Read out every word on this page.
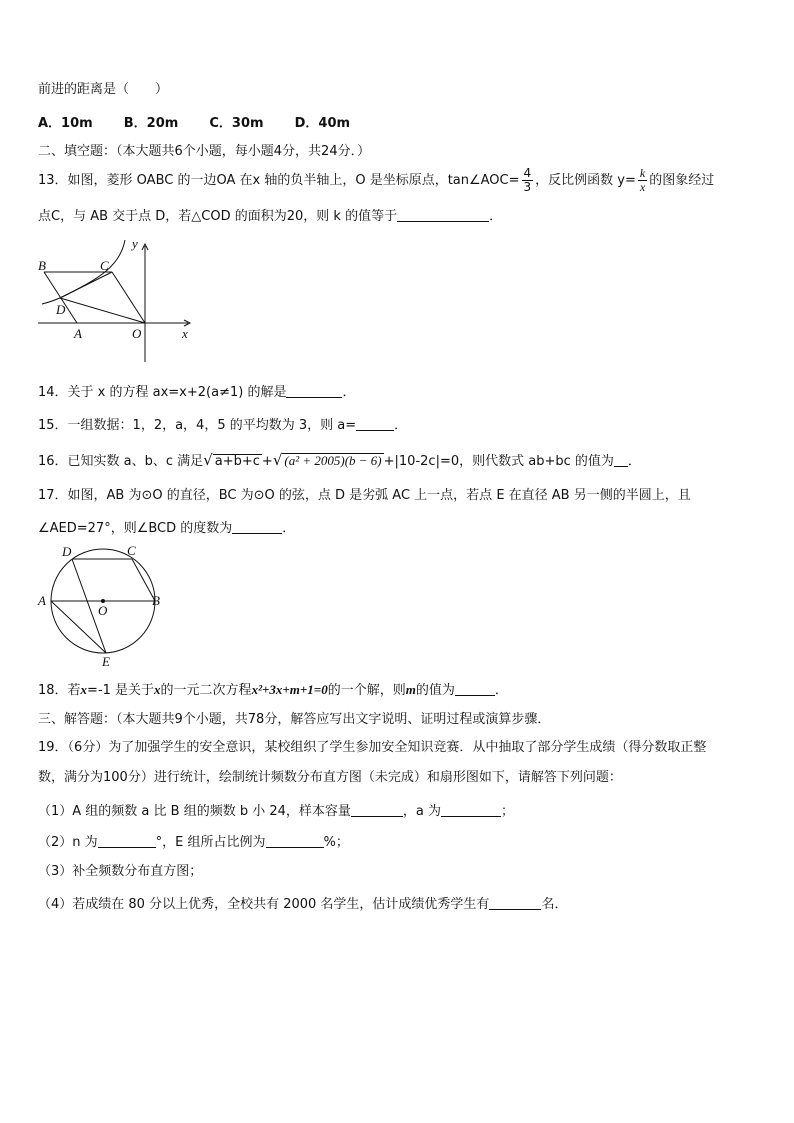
前进的距离是（　　）
A．10m B．20m C．30m D．40m
二、填空题：（本大题共6个小题，每小题4分，共24分．）
13．如图，菱形 OABC 的一边OA 在x 轴的负半轴上，O 是坐标原点，tan∠AOC= $\frac{4}{3}$ ，反比例函数 $y= \frac{k}{x}$ 的图象经过
点C，与 AB 交于点 D，若△COD 的面积为20，则 k 的值等于	．
B	C
D
A	O	x
y
14．关于 x 的方程 ax=x+2(a≠1) 的解是	．
15．一组数据：1，2，a，4，5 的平均数为 3，则 a=	．
16．已知实数 a、b、c 满足√ a+b+c +√ (a² + 2005)(b − 6) +|10-2c|=0，则代数式 ab+bc 的值为 ．
17．如图，AB 为⊙O 的直径，BC 为⊙O 的弦，点 D 是劣弧 AC 上一点，若点 E 在直径 AB 另一侧的半圆上，且
∠AED=27°，则∠BCD 的度数为	．
D	C
A
O
B
E
18．若x=-1 是关于x的一元二次方程x²+3x+m+1=0的一个解，则m的值为	．
三、解答题：（本大题共9个小题，共78分，解答应写出文字说明、证明过程或演算步骤．
19．（6分）为了加强学生的安全意识，某校组织了学生参加安全知识竞赛．从中抽取了部分学生成绩（得分数取正整
数，满分为100分）进行统计，绘制统计频数分布直方图（未完成）和扇形图如下，请解答下列问题：
（1）A 组的频数 a 比 B 组的频数 b 小 24，样本容量	，a 为	；
（2）n 为	°，E 组所占比例为	%；
（3）补全频数分布直方图；
（4）若成绩在 80 分以上优秀，全校共有 2000 名学生，估计成绩优秀学生有	名．
